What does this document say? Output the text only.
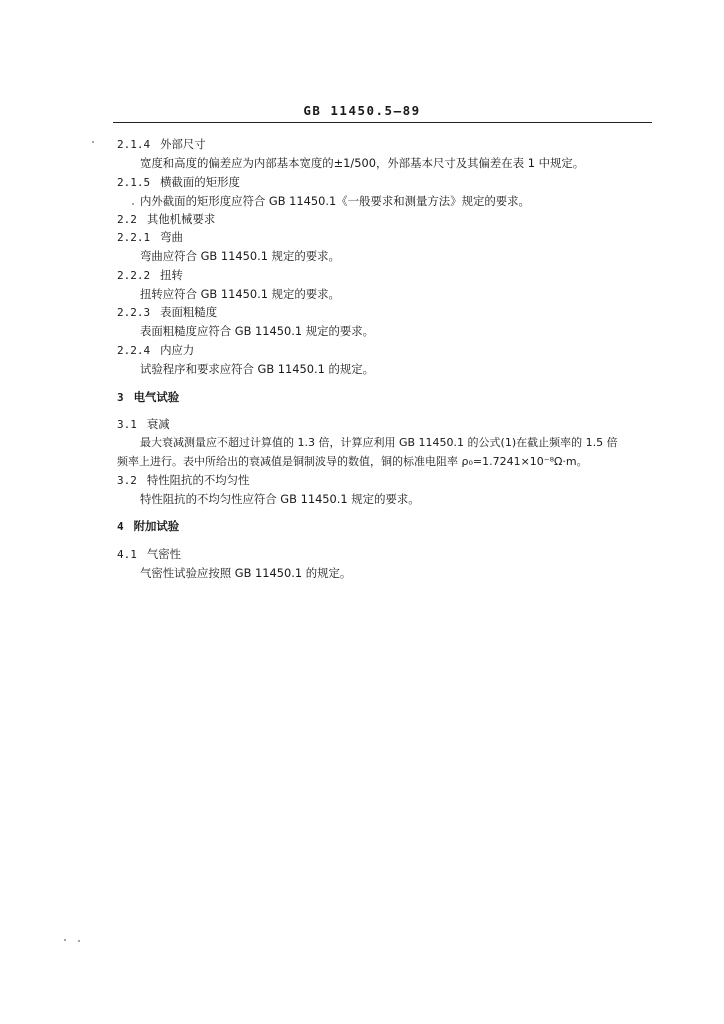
GB 11450.5—89
2.1.4 外部尺寸
宽度和高度的偏差应为内部基本宽度的±1/500，外部基本尺寸及其偏差在表 1 中规定。
2.1.5 横截面的矩形度
内外截面的矩形度应符合 GB 11450.1《一般要求和测量方法》规定的要求。
2.2 其他机械要求
2.2.1 弯曲
弯曲应符合 GB 11450.1 规定的要求。
2.2.2 扭转
扭转应符合 GB 11450.1 规定的要求。
2.2.3 表面粗糙度
表面粗糙度应符合 GB 11450.1 规定的要求。
2.2.4 内应力
试验程序和要求应符合 GB 11450.1 的规定。
3 电气试验
3.1 衰减
最大衰减测量应不超过计算值的 1.3 倍，计算应利用 GB 11450.1 的公式(1)在截止频率的 1.5 倍
频率上进行。表中所给出的衰减值是铜制波导的数值，铜的标准电阻率 ρ₀=1.7241×10⁻⁸Ω·m。
3.2 特性阻抗的不均匀性
特性阻抗的不均匀性应符合 GB 11450.1 规定的要求。
4 附加试验
4.1 气密性
气密性试验应按照 GB 11450.1 的规定。
